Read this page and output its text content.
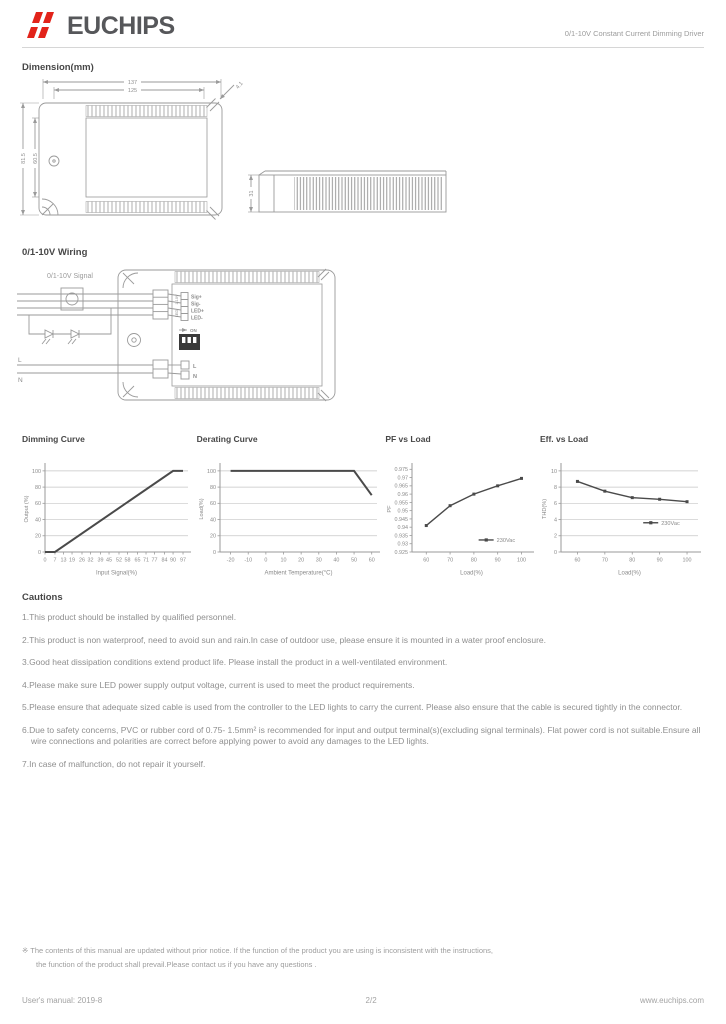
EUCHIPS	0/1-10V Constant Current Dimming Driver
Dimension(mm)
137
125
81.5 60.5
4.1
31
0/1-10V Wiring
0/1-10V Signal
Sig+
Sig-
LED+
LED-
1-10V
LED
ON
L
N
L
N
Dimming Curve
0
20
40
60
80
100
0 7 13 19 26 32 39 45 52 58 65 71 77 84 90 97
Input Signal(%)
Output (%)
Derating Curve
0
20
40
60
80
100
-20 -10 0 10 20 30 40 50 60
Ambient Temperature(°C)
Load(%)
PF vs Load
0.925
0.93
0.935
0.94
0.945
0.95
0.955
0.96
0.965
0.97
0.975
60	70	80	90	100
230Vac
Load(%)
PF
Eff. vs Load
0
2
4
6
8
10
60	70	80	90	100
230Vac
Load(%)
THD(%)
Cautions

1.This product should be installed by qualified personnel.

2.This product is non waterproof, need to avoid sun and rain.In case of outdoor use, please ensure it is mounted in a water proof enclosure.

3.Good heat dissipation conditions extend product life. Please install the product in a well-ventilated environment.

4.Please make sure LED power supply output voltage, current is used to meet the product requirements.

5.Please ensure that adequate sized cable is used from the controller to the LED lights to carry the current. Please also ensure that the cable is secured tightly in the connector.

6.Due to safety concerns, PVC or rubber cord of 0.75- 1.5mm² is recommended for input and output terminal(s)(excluding signal terminals). Flat power cord is not suitable.Ensure all wire connections and polarities are correct before applying power to avoid any damages to the LED lights.

7.In case of malfunction, do not repair it yourself.

※ The contents of this manual are updated without prior notice. If the function of the product you are using is inconsistent with the instructions,
the function of the product shall prevail.Please contact us if you have any questions .
User's manual: 2019-8	2/2	www.euchips.com
